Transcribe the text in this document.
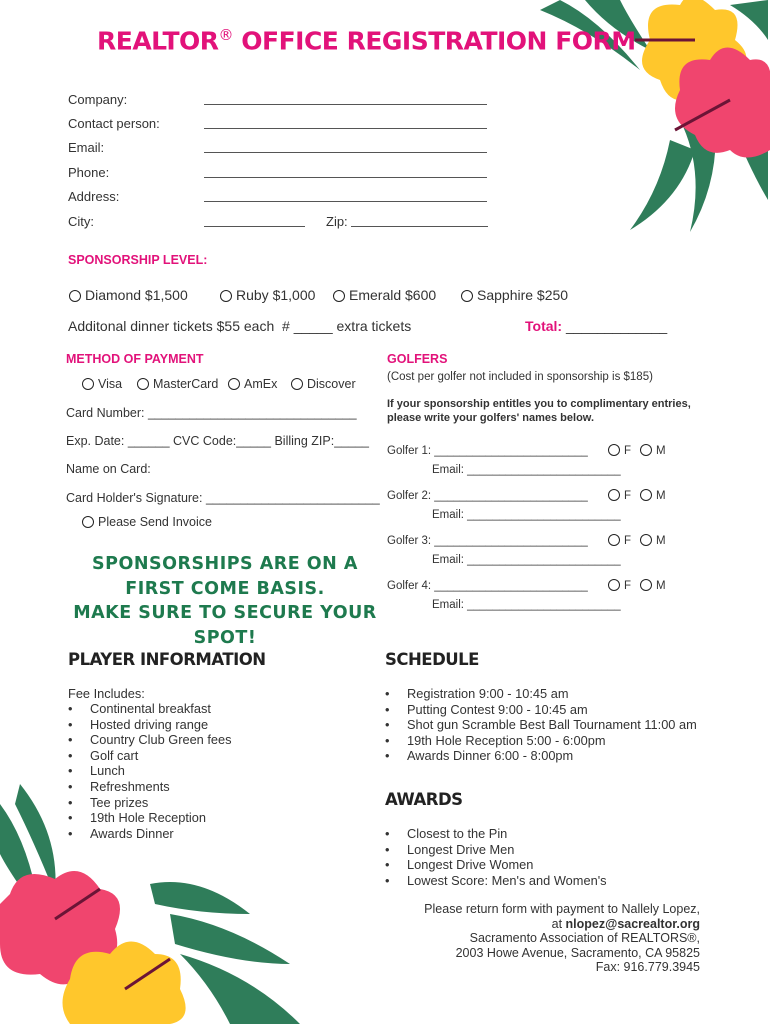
REALTOR® OFFICE REGISTRATION FORM
Company:
Contact person:
Email:
Phone:
Address:
City:	Zip:
SPONSORSHIP LEVEL:
Diamond $1,500	Ruby $1,000	Emerald $600	Sapphire $250
Additonal dinner tickets $55 each  # _____ extra tickets	Total: _____________
METHOD OF PAYMENT
Visa	MasterCard	AmEx	Discover
Card Number: ______________________________
Exp. Date: ______ CVC Code:_____ Billing ZIP:_____
Name on Card:
Card Holder's Signature: _________________________
Please Send Invoice
SPONSORSHIPS ARE ON A
FIRST COME BASIS.
MAKE SURE TO SECURE YOUR SPOT!
GOLFERS
(Cost per golfer not included in sponsorship is $185)
If your sponsorship entitles you to complimentary entries, please write your golfers' names below.
Golfer 1: ________________________	F	M
Email: ________________________
Golfer 2: ________________________	F	M
Email: ________________________
Golfer 3: ________________________	F	M
Email: ________________________
Golfer 4: ________________________	F	M
Email: ________________________
PLAYER INFORMATION
Fee Includes:
• Continental breakfast
• Hosted driving range
• Country Club Green fees
• Golf cart
• Lunch
• Refreshments
• Tee prizes
• 19th Hole Reception
• Awards Dinner
SCHEDULE
• Registration 9:00 - 10:45 am
• Putting Contest 9:00 - 10:45 am
• Shot gun Scramble Best Ball Tournament 11:00 am
• 19th Hole Reception 5:00 - 6:00pm
• Awards Dinner 6:00 - 8:00pm
AWARDS
• Closest to the Pin
• Longest Drive Men
• Longest Drive Women
• Lowest Score: Men's and Women's
Please return form with payment to Nallely Lopez,
at nlopez@sacrealtor.org
Sacramento Association of REALTORS®,
2003 Howe Avenue, Sacramento, CA 95825
Fax: 916.779.3945
